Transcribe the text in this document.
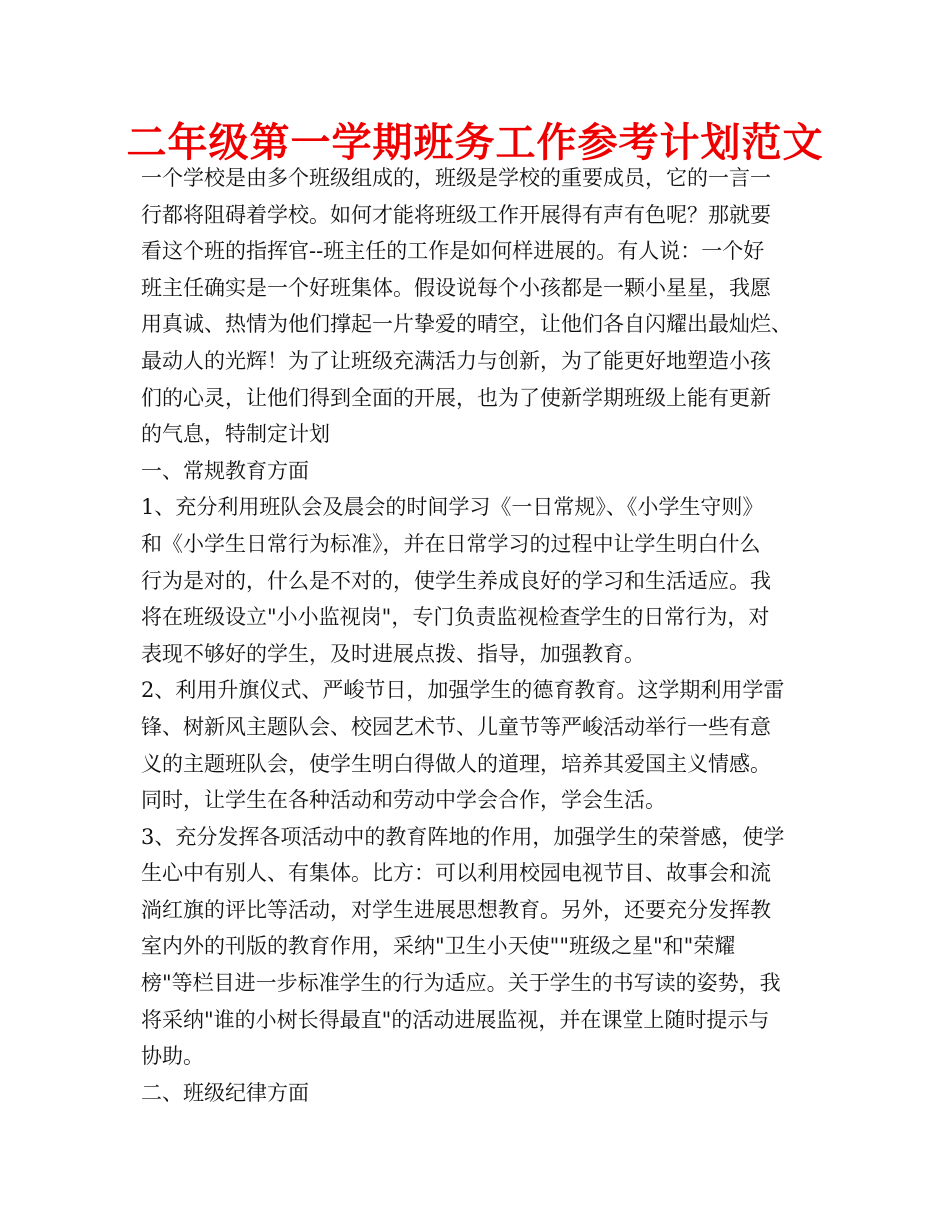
二年级第一学期班务工作参考计划范文
一个学校是由多个班级组成的，班级是学校的重要成员，它的一言一
行都将阻碍着学校。如何才能将班级工作开展得有声有色呢？那就要
看这个班的指挥官--班主任的工作是如何样进展的。有人说：一个好
班主任确实是一个好班集体。假设说每个小孩都是一颗小星星，我愿
用真诚、热情为他们撑起一片挚爱的晴空，让他们各自闪耀出最灿烂、
最动人的光辉！为了让班级充满活力与创新，为了能更好地塑造小孩
们的心灵，让他们得到全面的开展，也为了使新学期班级上能有更新
的气息，特制定计划
一、常规教育方面
1、充分利用班队会及晨会的时间学习《一日常规》、《小学生守则》
和《小学生日常行为标准》，并在日常学习的过程中让学生明白什么
行为是对的，什么是不对的，使学生养成良好的学习和生活适应。我
将在班级设立"小小监视岗"，专门负责监视检查学生的日常行为，对
表现不够好的学生，及时进展点拨、指导，加强教育。
2、利用升旗仪式、严峻节日，加强学生的德育教育。这学期利用学雷
锋、树新风主题队会、校园艺术节、儿童节等严峻活动举行一些有意
义的主题班队会，使学生明白得做人的道理，培养其爱国主义情感。
同时，让学生在各种活动和劳动中学会合作，学会生活。
3、充分发挥各项活动中的教育阵地的作用，加强学生的荣誉感，使学
生心中有别人、有集体。比方：可以利用校园电视节目、故事会和流
淌红旗的评比等活动，对学生进展思想教育。另外，还要充分发挥教
室内外的刊版的教育作用，采纳"卫生小天使""班级之星"和"荣耀
榜"等栏目进一步标准学生的行为适应。关于学生的书写读的姿势，我
将采纳"谁的小树长得最直"的活动进展监视，并在课堂上随时提示与
协助。
二、班级纪律方面
